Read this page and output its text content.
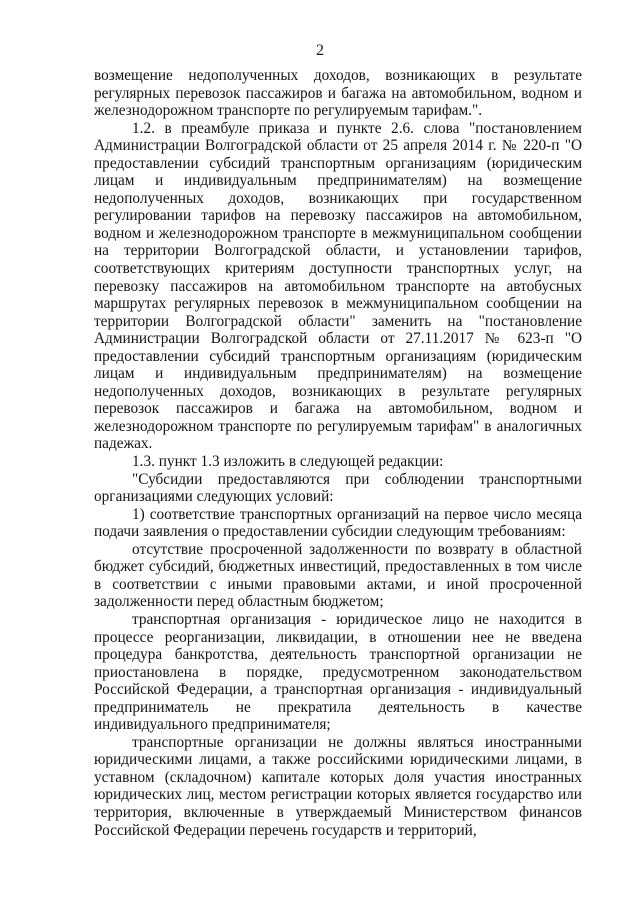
2

возмещение недополученных доходов, возникающих в результате регулярных перевозок пассажиров и багажа на автомобильном, водном и железнодорожном транспорте по регулируемым тарифам.".

1.2. в преамбуле приказа и пункте 2.6. слова "постановлением Администрации Волгоградской области от 25 апреля 2014 г. № 220-п "О предоставлении субсидий транспортным организациям (юридическим лицам и индивидуальным предпринимателям) на возмещение недополученных доходов, возникающих при государственном регулировании тарифов на перевозку пассажиров на автомобильном, водном и железнодорожном транспорте в межмуниципальном сообщении на территории Волгоградской области, и установлении тарифов, соответствующих критериям доступности транспортных услуг, на перевозку пассажиров на автомобильном транспорте на автобусных маршрутах регулярных перевозок в межмуниципальном сообщении на территории Волгоградской области" заменить на "постановление Администрации Волгоградской области от 27.11.2017 № 623-п "О предоставлении субсидий транспортным организациям (юридическим лицам и индивидуальным предпринимателям) на возмещение недополученных доходов, возникающих в результате регулярных перевозок пассажиров и багажа на автомобильном, водном и железнодорожном транспорте по регулируемым тарифам" в аналогичных падежах.

1.3. пункт 1.3 изложить в следующей редакции:

"Субсидии предоставляются при соблюдении транспортными организациями следующих условий:

1) соответствие транспортных организаций на первое число месяца подачи заявления о предоставлении субсидии следующим требованиям:

отсутствие просроченной задолженности по возврату в областной бюджет субсидий, бюджетных инвестиций, предоставленных в том числе в соответствии с иными правовыми актами, и иной просроченной задолженности перед областным бюджетом;

транспортная организация - юридическое лицо не находится в процессе реорганизации, ликвидации, в отношении нее не введена процедура банкротства, деятельность транспортной организации не приостановлена в порядке, предусмотренном законодательством Российской Федерации, а транспортная организация - индивидуальный предприниматель не прекратила деятельность в качестве индивидуального предпринимателя;

транспортные организации не должны являться иностранными юридическими лицами, а также российскими юридическими лицами, в уставном (складочном) капитале которых доля участия иностранных юридических лиц, местом регистрации которых является государство или территория, включенные в утверждаемый Министерством финансов Российской Федерации перечень государств и территорий,
